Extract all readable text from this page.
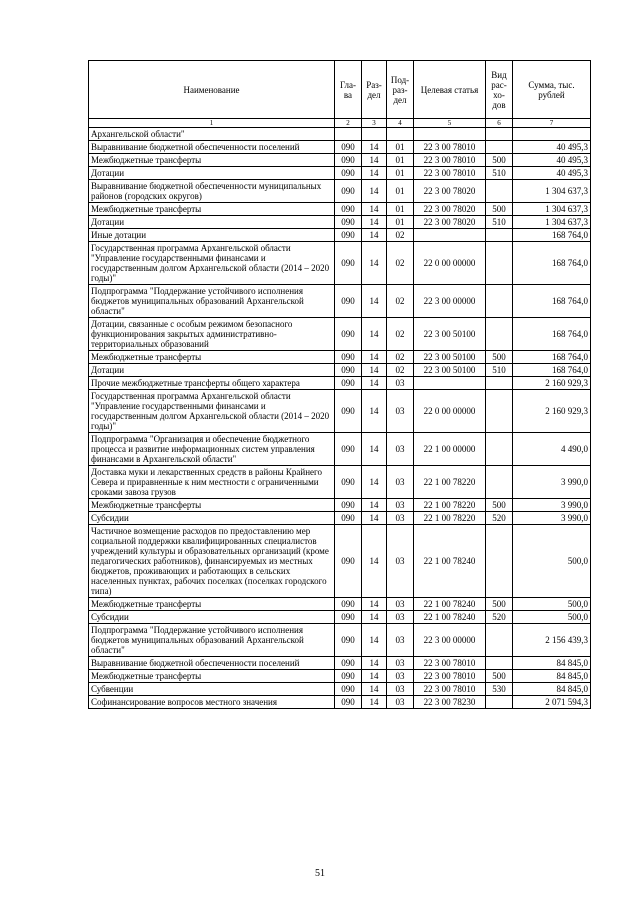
Наименование	Гла-ва	Раз-дел	Под-раз-дел	Целевая статья	Вид рас-хо-дов	Сумма, тыс. рублей
1	2	3	4	5	6	7
Архангельской области"						
Выравнивание бюджетной обеспеченности поселений	090	14	01	22 3 00 78010		40 495,3
Межбюджетные трансферты	090	14	01	22 3 00 78010	500	40 495,3
Дотации	090	14	01	22 3 00 78010	510	40 495,3
Выравнивание бюджетной обеспеченности муниципальных районов (городских округов)	090	14	01	22 3 00 78020		1 304 637,3
Межбюджетные трансферты	090	14	01	22 3 00 78020	500	1 304 637,3
Дотации	090	14	01	22 3 00 78020	510	1 304 637,3
Иные дотации	090	14	02			168 764,0
Государственная программа Архангельской области "Управление государственными финансами и государственным долгом Архангельской области (2014 – 2020 годы)"	090	14	02	22 0 00 00000		168 764,0
Подпрограмма "Поддержание устойчивого исполнения бюджетов муниципальных образований Архангельской области"	090	14	02	22 3 00 00000		168 764,0
Дотации, связанные с особым режимом безопасного функционирования закрытых административно-территориальных образований	090	14	02	22 3 00 50100		168 764,0
Межбюджетные трансферты	090	14	02	22 3 00 50100	500	168 764,0
Дотации	090	14	02	22 3 00 50100	510	168 764,0
Прочие межбюджетные трансферты общего характера	090	14	03			2 160 929,3
Государственная программа Архангельской области "Управление государственными финансами и государственным долгом Архангельской области (2014 – 2020 годы)"	090	14	03	22 0 00 00000		2 160 929,3
Подпрограмма "Организация и обеспечение бюджетного процесса и развитие информационных систем управления финансами в Архангельской области"	090	14	03	22 1 00 00000		4 490,0
Доставка муки и лекарственных средств в районы Крайнего Севера и приравненные к ним местности с ограниченными сроками завоза грузов	090	14	03	22 1 00 78220		3 990,0
Межбюджетные трансферты	090	14	03	22 1 00 78220	500	3 990,0
Субсидии	090	14	03	22 1 00 78220	520	3 990,0
Частичное возмещение расходов по предоставлению мер социальной поддержки квалифицированных специалистов учреждений культуры и образовательных организаций (кроме педагогических работников), финансируемых из местных бюджетов, проживающих и работающих в сельских населенных пунктах, рабочих поселках (поселках городского типа)	090	14	03	22 1 00 78240		500,0
Межбюджетные трансферты	090	14	03	22 1 00 78240	500	500,0
Субсидии	090	14	03	22 1 00 78240	520	500,0
Подпрограмма "Поддержание устойчивого исполнения бюджетов муниципальных образований Архангельской области"	090	14	03	22 3 00 00000		2 156 439,3
Выравнивание бюджетной обеспеченности поселений	090	14	03	22 3 00 78010		84 845,0
Межбюджетные трансферты	090	14	03	22 3 00 78010	500	84 845,0
Субвенции	090	14	03	22 3 00 78010	530	84 845,0
Софинансирование вопросов местного значения	090	14	03	22 3 00 78230		2 071 594,3
51
